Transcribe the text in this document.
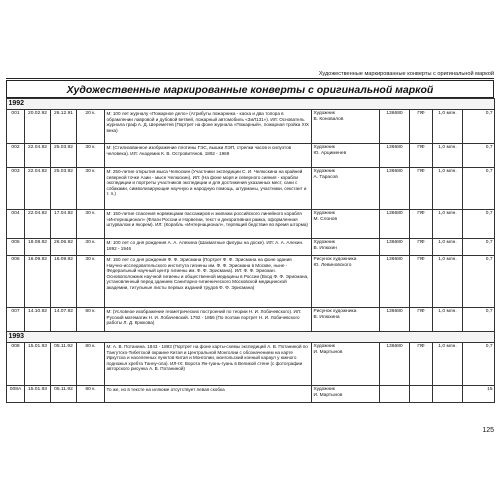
Художественные маркированные конверты с оригинальной маркой
Художественные маркированные конверты с оригинальной маркой
1992									
001	20.02.92	26.12.91	20 к.	М: 100 лет журналу «Пожарное дело» (Атрибуты пожарника - каска и два топора в обрамлении лавровой и дубовой ветвей, пожарный автомобиль «ЗиЛ131»). ИЛ: Основатель журнала граф А. Д. Шереметев (Портрет на фоне журнала «Пожарный», пожарная тройка XIX века)	Художник
В. Коновалов	136680	ПФ	1,0 млн.	0,7
002	22.04.92	25.03.92	30 к.	М: (Стилизованное изображение плотины ГЭС, вышки ЛЭП, стрелки часов и силуэтов человека). ИЛ: Академик К. В. Островитянов. 1892 - 1969	Художник
Ю. Арцименев	136680	ПФ	1,0 млн.	0,7
003	22.04.92	25.03.92	30 к.	М: 250-летие открытия мыса Челюскин (Участники экспедиции С. И. Челюскина на крайней северной точке Азии - мысе Челюскин). ИЛ: (На фоне моря и северного сияния - корабли экспедиции и портреты участников экспедиции и для достижения указанных мест, сани с собаками, символизирующие научную и народную помощь, штурманы, участники, секстант и т. п.)	Художник
А. Тарасов	136680	ПФ	1,0 млн.	0,7
004	22.04.92	17.04.92	30 к.	М: 150-летие спасения норвежцами пассажиров и экипажа российского линейного корабля «Интернационал» (Флаги России и Норвегии, текст и декоративная рамка, оформленная штурвалом и якорем). ИЛ: (Корабль «Интернационал», терпящий бедствие во время шторма)	Художник
М. Слонов	136680	ПФ	1,0 млн.	0,7
005	18.08.92	26.06.92	30 к.	М: 100 лет со дня рождения А. А. Алехина (Шахматные фигуры на доске). ИЛ: А. А. Алехин. 1892 - 1946	Художник
В. Илюхин	136680	ПФ	1,0 млн.	0,7
006	16.09.92	16.09.92	30 к.	М: 150 лет со дня рождения Ф. Ф. Эрисмана (Портрет Ф. Ф. Эрисмана на фоне здания Научно-исследовательского института гигиены им. Ф. Ф. Эрисмана в Москве, ныне - Федеральный научный центр гигиены им. Ф. Ф. Эрисмана). ИЛ: Ф. Ф. Эрисман. Основоположник научной гигиены и общественной медицины в России (Вход Ф. Ф. Эрисмана, установленный перед зданием Санитарно-гигиенического Московской медицинской академии, титульные листы первых изданий трудов Ф. Ф. Эрисмана)	Рисунок художника
Ю. Левиновского	136680	ПФ	1,0 млн.	0,7
007	14.10.92	14.07.92	80 к.	М: (Условное изображение геометрических построений по теории Н. И. Лобачевского). ИЛ: Русский математик Н. И. Лобачевский. 1792 - 1856 (По поэтам портрет Н. И. Лобачевского работы Л. Д. Крюкова)	Рисунок художника
В. Илюхина	136680	ПФ	1,0 млн.	0,7
1993									
008	15.01.93	05.11.92	80 к.	М: А. В. Потанина. 1843 - 1893 (Портрет на фоне карты-схемы экспедиций А. В. Потаниной по Тангутско-Тибетской окраине Китая и Центральной Монголии с обозначением на карте Иркутска и населенных пунктов Китая и Монголии, монгольский конный караул у южного подножья хребта Танну-ола). ИЛ-IX: Ворота Ян-гуань-гуань в Великой стене (с фотографии авторского рисунка А. В. Потаниной)	Художник
И. Мартынов	136680	ПФ	1,0 млн.	0,7
008А	15.01.93	05.11.92	80 к.	То же, но в тексте на иллюме отсутствует левая скобка	Художник
И. Мартынов				15
125
